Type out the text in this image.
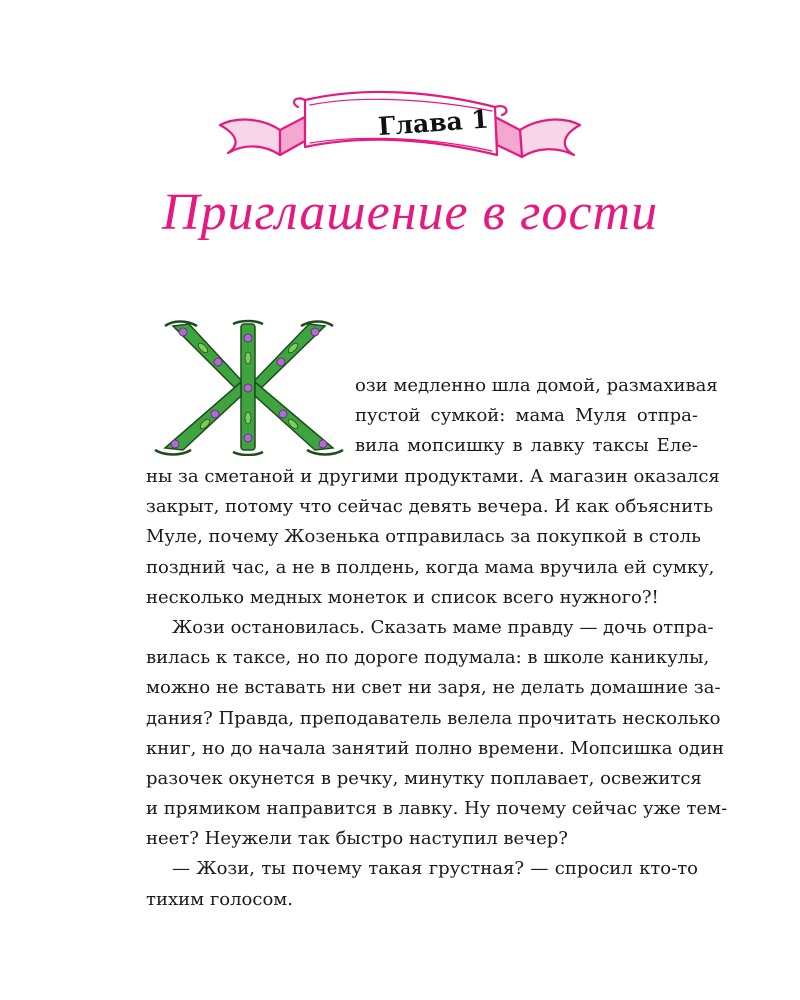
Глава 1
Приглашение в гости
ози медленно шла домой, размахивая
пустой сумкой: мама Муля отпра-
вила мопсишку в лавку таксы Еле-
ны за сметаной и другими продуктами. А магазин оказался
закрыт, потому что сейчас девять вечера. И как объяснить
Муле, почему Жозенька отправилась за покупкой в столь
поздний час, а не в полдень, когда мама вручила ей сумку,
несколько медных монеток и список всего нужного?!
Жози остановилась. Сказать маме правду — дочь отпра-
вилась к таксе, но по дороге подумала: в школе каникулы,
можно не вставать ни свет ни заря, не делать домашние за-
дания? Правда, преподаватель велела прочитать несколько
книг, но до начала занятий полно времени. Мопсишка один
разочек окунется в речку, минутку поплавает, освежится
и прямиком направится в лавку. Ну почему сейчас уже тем-
неет? Неужели так быстро наступил вечер?
— Жози, ты почему такая грустная? — спросил кто-то
тихим голосом.
